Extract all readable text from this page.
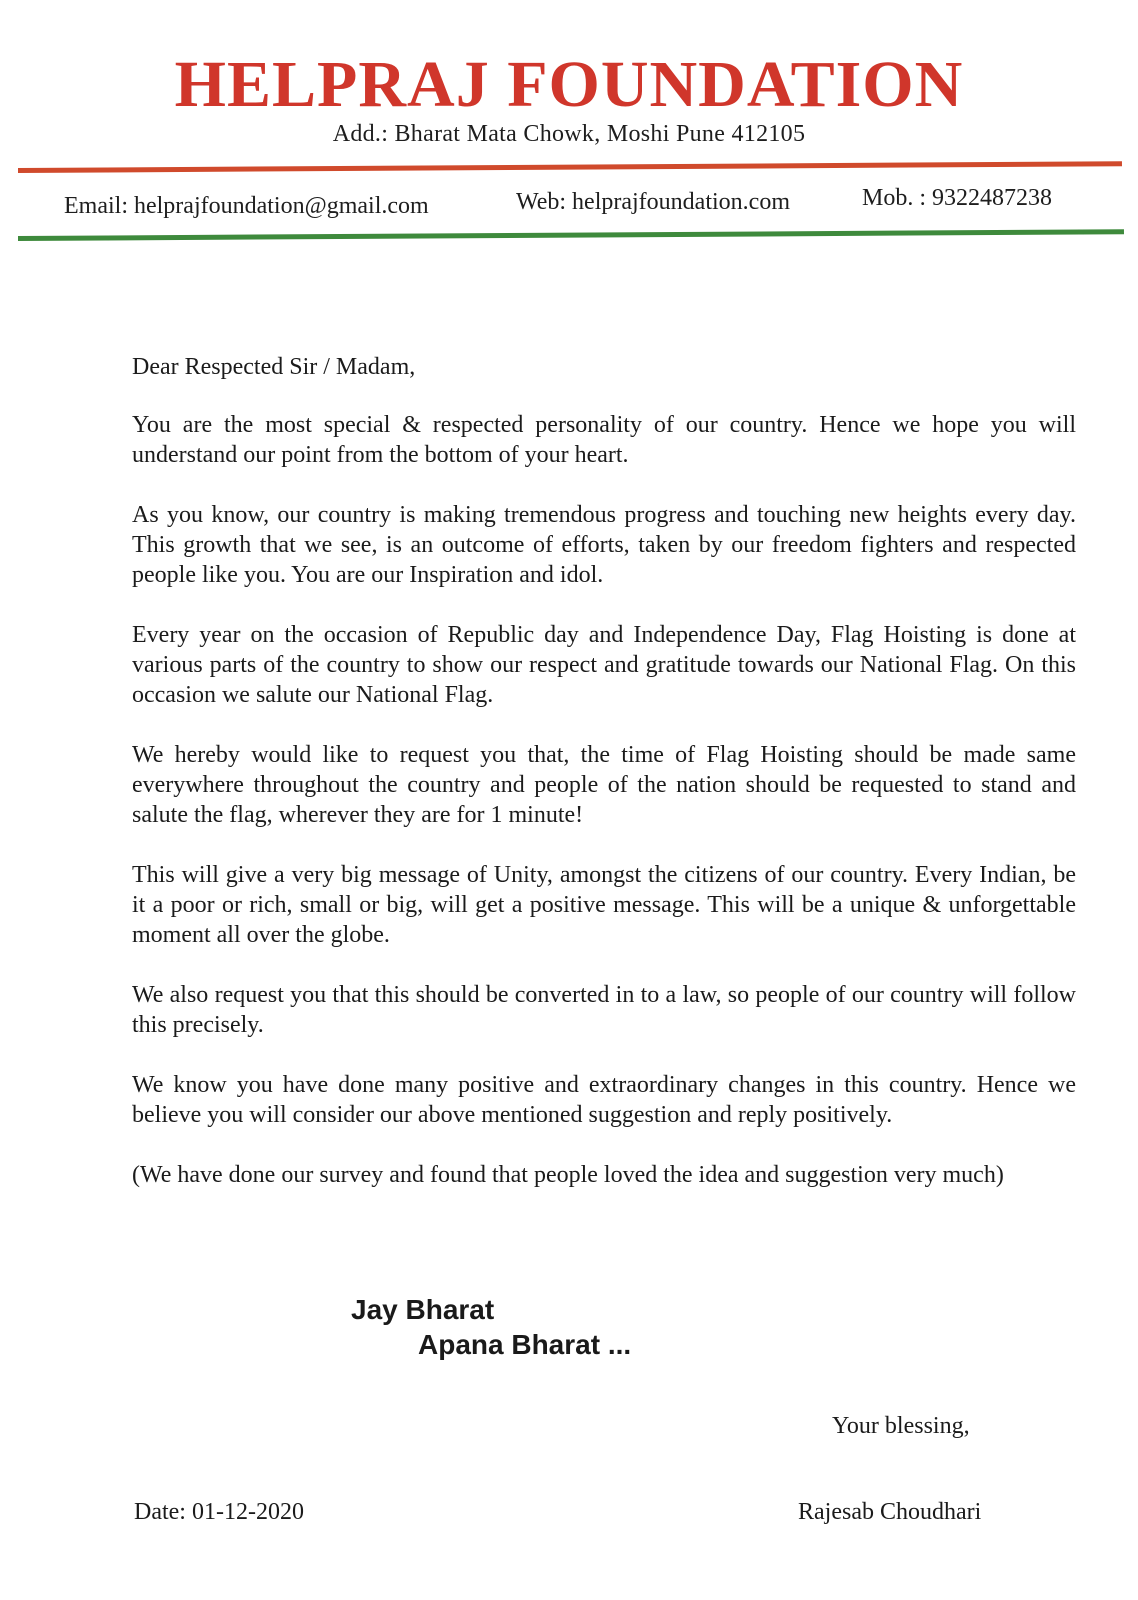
HELPRAJ FOUNDATION
Add.: Bharat Mata Chowk, Moshi Pune 412105
Email: helprajfoundation@gmail.com	Web: helprajfoundation.com	Mob. : 9322487238

Dear Respected Sir / Madam,

You are the most special & respected personality of our country. Hence we hope you will understand our point from the bottom of your heart.

As you know, our country is making tremendous progress and touching new heights every day. This growth that we see, is an outcome of efforts, taken by our freedom fighters and respected people like you. You are our Inspiration and idol.

Every year on the occasion of Republic day and Independence Day, Flag Hoisting is done at various parts of the country to show our respect and gratitude towards our National Flag. On this occasion we salute our National Flag.

We hereby would like to request you that, the time of Flag Hoisting should be made same everywhere throughout the country and people of the nation should be requested to stand and salute the flag, wherever they are for 1 minute!

This will give a very big message of Unity, amongst the citizens of our country. Every Indian, be it a poor or rich, small or big, will get a positive message. This will be a unique & unforgettable moment all over the globe.

We also request you that this should be converted in to a law, so people of our country will follow this precisely.

We know you have done many positive and extraordinary changes in this country. Hence we believe you will consider our above mentioned suggestion and reply positively.

(We have done our survey and found that people loved the idea and suggestion very much)

Jay Bharat
Apana Bharat ...
Your blessing,
Date: 01-12-2020	Rajesab Choudhari
